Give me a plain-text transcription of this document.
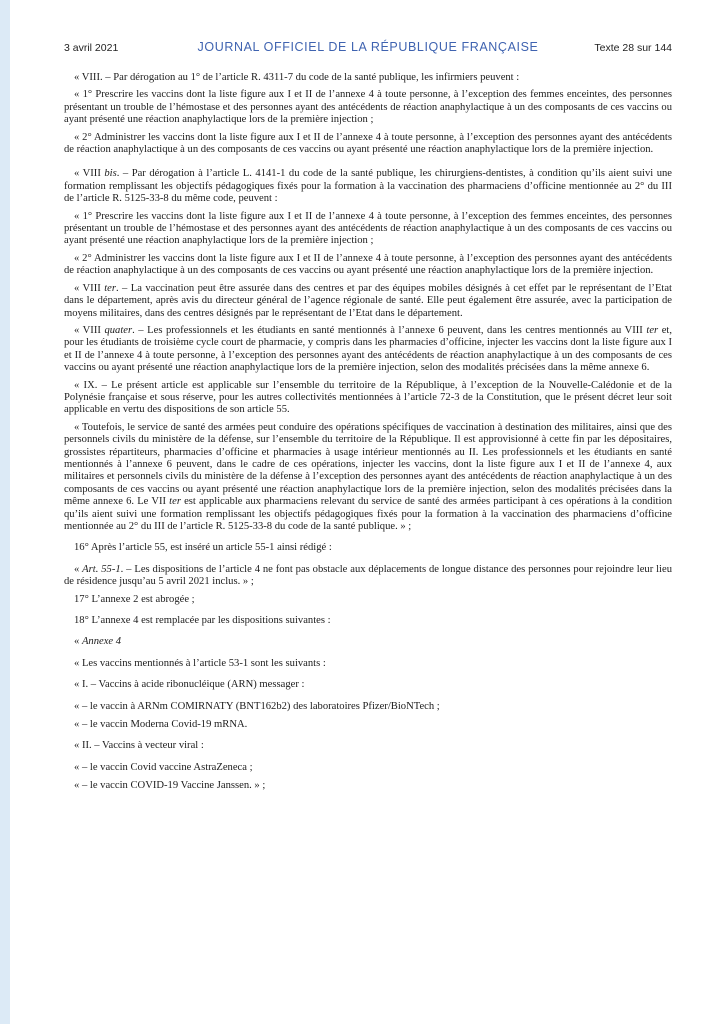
3 avril 2021	JOURNAL OFFICIEL DE LA RÉPUBLIQUE FRANÇAISE	Texte 28 sur 144

« VIII. – Par dérogation au 1° de l’article R. 4311-7 du code de la santé publique, les infirmiers peuvent :

« 1° Prescrire les vaccins dont la liste figure aux I et II de l’annexe 4 à toute personne, à l’exception des femmes enceintes, des personnes présentant un trouble de l’hémostase et des personnes ayant des antécédents de réaction anaphylactique à un des composants de ces vaccins ou ayant présenté une réaction anaphylactique lors de la première injection ;

« 2° Administrer les vaccins dont la liste figure aux I et II de l’annexe 4 à toute personne, à l’exception des personnes ayant des antécédents de réaction anaphylactique à un des composants de ces vaccins ou ayant présenté une réaction anaphylactique lors de la première injection.

« VIII bis. – Par dérogation à l’article L. 4141-1 du code de la santé publique, les chirurgiens-dentistes, à condition qu’ils aient suivi une formation remplissant les objectifs pédagogiques fixés pour la formation à la vaccination des pharmaciens d’officine mentionnée au 2° du III de l’article R. 5125-33-8 du même code, peuvent :

« 1° Prescrire les vaccins dont la liste figure aux I et II de l’annexe 4 à toute personne, à l’exception des femmes enceintes, des personnes présentant un trouble de l’hémostase et des personnes ayant des antécédents de réaction anaphylactique à un des composants de ces vaccins ou ayant présenté une réaction anaphylactique lors de la première injection ;

« 2° Administrer les vaccins dont la liste figure aux I et II de l’annexe 4 à toute personne, à l’exception des personnes ayant des antécédents de réaction anaphylactique à un des composants de ces vaccins ou ayant présenté une réaction anaphylactique lors de la première injection.

« VIII ter. – La vaccination peut être assurée dans des centres et par des équipes mobiles désignés à cet effet par le représentant de l’Etat dans le département, après avis du directeur général de l’agence régionale de santé. Elle peut également être assurée, avec la participation de moyens militaires, dans des centres désignés par le représentant de l’Etat dans le département.

« VIII quater. – Les professionnels et les étudiants en santé mentionnés à l’annexe 6 peuvent, dans les centres mentionnés au VIII ter et, pour les étudiants de troisième cycle court de pharmacie, y compris dans les pharmacies d’officine, injecter les vaccins dont la liste figure aux I et II de l’annexe 4 à toute personne, à l’exception des personnes ayant des antécédents de réaction anaphylactique à un des composants de ces vaccins ou ayant présenté une réaction anaphylactique lors de la première injection, selon des modalités précisées dans la même annexe 6.

« IX. – Le présent article est applicable sur l’ensemble du territoire de la République, à l’exception de la Nouvelle-Calédonie et de la Polynésie française et sous réserve, pour les autres collectivités mentionnées à l’article 72-3 de la Constitution, que le présent décret leur soit applicable en vertu des dispositions de son article 55.

« Toutefois, le service de santé des armées peut conduire des opérations spécifiques de vaccination à destination des militaires, ainsi que des personnels civils du ministère de la défense, sur l’ensemble du territoire de la République. Il est approvisionné à cette fin par les dépositaires, grossistes répartiteurs, pharmacies d’officine et pharmacies à usage intérieur mentionnés au II. Les professionnels et les étudiants en santé mentionnés à l’annexe 6 peuvent, dans le cadre de ces opérations, injecter les vaccins, dont la liste figure aux I et II de l’annexe 4, aux militaires et personnels civils du ministère de la défense à l’exception des personnes ayant des antécédents de réaction anaphylactique à un des composants de ces vaccins ou ayant présenté une réaction anaphylactique lors de la première injection, selon des modalités précisées dans la même annexe 6. Le VII ter est applicable aux pharmaciens relevant du service de santé des armées participant à ces opérations à la condition qu’ils aient suivi une formation remplissant les objectifs pédagogiques fixés pour la formation à la vaccination des pharmaciens d’officine mentionnée au 2° du III de l’article R. 5125-33-8 du code de la santé publique. » ;

16° Après l’article 55, est inséré un article 55-1 ainsi rédigé :

« Art. 55-1. – Les dispositions de l’article 4 ne font pas obstacle aux déplacements de longue distance des personnes pour rejoindre leur lieu de résidence jusqu’au 5 avril 2021 inclus. » ;

17° L’annexe 2 est abrogée ;

18° L’annexe 4 est remplacée par les dispositions suivantes :

« Annexe 4

« Les vaccins mentionnés à l’article 53-1 sont les suivants :

« I. – Vaccins à acide ribonucléique (ARN) messager :

« – le vaccin à ARNm COMIRNATY (BNT162b2) des laboratoires Pfizer/BioNTech ;

« – le vaccin Moderna Covid-19 mRNA.

« II. – Vaccins à vecteur viral :

« – le vaccin Covid vaccine AstraZeneca ;

« – le vaccin COVID-19 Vaccine Janssen. » ;
